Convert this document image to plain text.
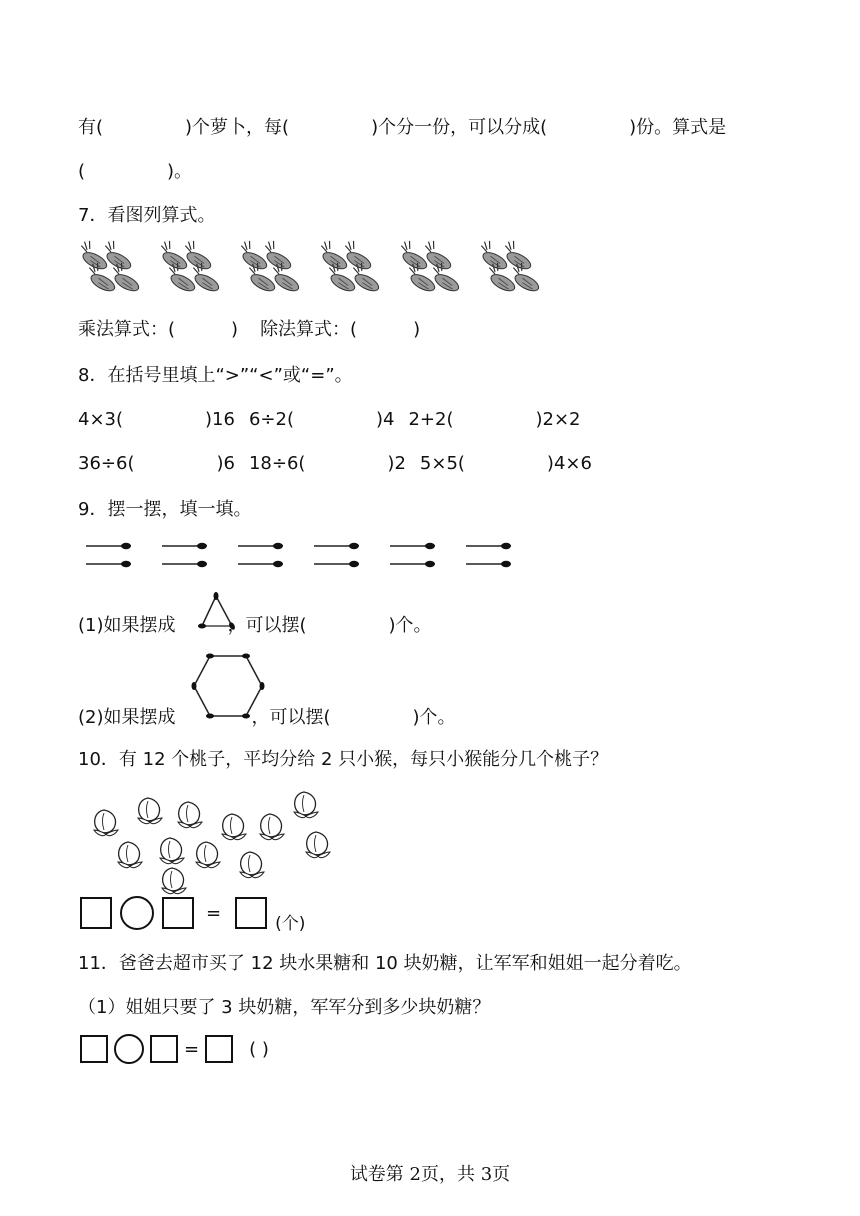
有(	)个萝卜，每(	)个分一份，可以分成(	)份。算式是
(	)。
7．看图列算式。
乘法算式：(	) 除法算式：(	)
8．在括号里填上“>”“<”或“=”。
4×3(	)16 6÷2(	)4 2+2(	)2×2
36÷6(	)6 18÷6(	)2 5×5(	)4×6
9．摆一摆，填一填。
(1)如果摆成	，可以摆(	)个。
(2)如果摆成	，可以摆(	)个。
10．有 12 个桃子，平均分给 2 只小猴，每只小猴能分几个桃子？
=	(个)
11．爸爸去超市买了 12 块水果糖和 10 块奶糖，让军军和姐姐一起分着吃。
（1）姐姐只要了 3 块奶糖，军军分到多少块奶糖？
=	( )
试卷第 2页，共 3页
